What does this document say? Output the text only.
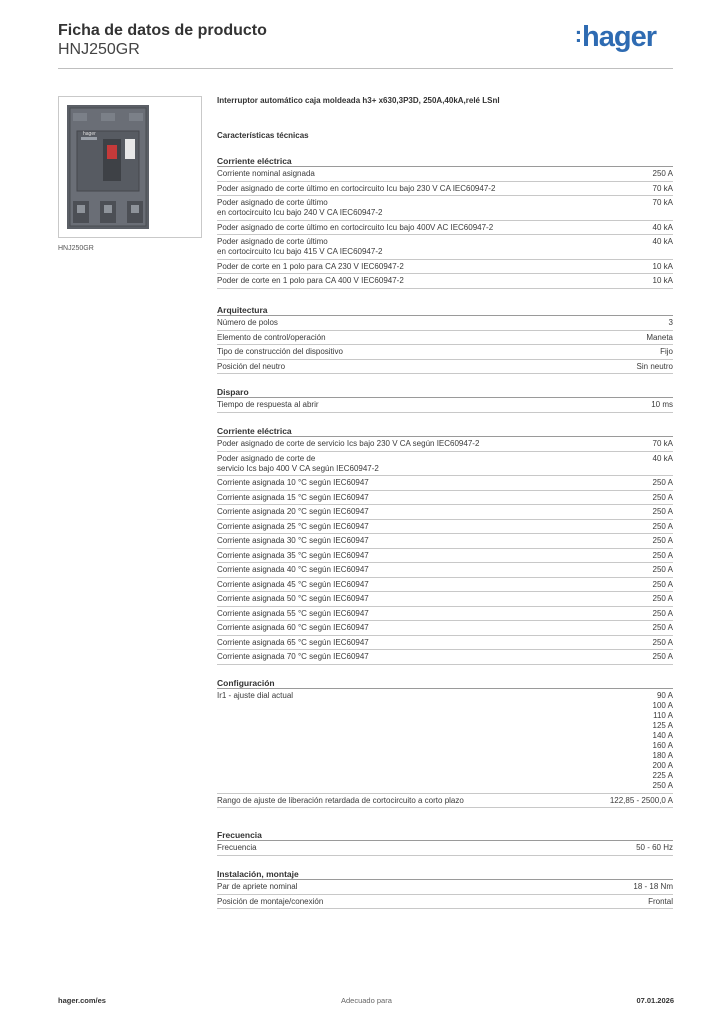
Ficha de datos de producto
HNJ250GR
:hager
hager
HNJ250GR
Interruptor automático caja moldeada h3+ x630,3P3D, 250A,40kA,relé LSnI
Características técnicas
Corriente eléctrica
Corriente nominal asignada	250 A
Poder asignado de corte último en cortocircuito Icu bajo 230 V CA IEC60947-2	70 kA
Poder asignado de corte último
en cortocircuito Icu bajo 240 V CA IEC60947-2
70 kA
Poder asignado de corte último en cortocircuito Icu bajo 400V AC IEC60947-2	40 kA
Poder asignado de corte último
en cortocircuito Icu bajo 415 V CA IEC60947-2
40 kA
Poder de corte en 1 polo para CA 230 V IEC60947-2	10 kA
Poder de corte en 1 polo para CA 400 V IEC60947-2	10 kA
Arquitectura
Número de polos	3
Elemento de control/operación	Maneta
Tipo de construcción del dispositivo	Fijo
Posición del neutro	Sin neutro
Disparo
Tiempo de respuesta al abrir	10 ms
Corriente eléctrica
Poder asignado de corte de servicio Ics bajo 230 V CA según IEC60947-2	70 kA
Poder asignado de corte de
servicio Ics bajo 400 V CA según IEC60947-2
40 kA
Corriente asignada 10 °C según IEC60947	250 A
Corriente asignada 15 °C según IEC60947	250 A
Corriente asignada 20 °C según IEC60947	250 A
Corriente asignada 25 °C según IEC60947	250 A
Corriente asignada 30 °C según IEC60947	250 A
Corriente asignada 35 °C según IEC60947	250 A
Corriente asignada 40 °C según IEC60947	250 A
Corriente asignada 45 °C según IEC60947	250 A
Corriente asignada 50 °C según IEC60947	250 A
Corriente asignada 55 °C según IEC60947	250 A
Corriente asignada 60 °C según IEC60947	250 A
Corriente asignada 65 °C según IEC60947	250 A
Corriente asignada 70 °C según IEC60947	250 A
Configuración
Ir1 - ajuste dial actual	90 A
100 A
110 A
125 A
140 A
160 A
180 A
200 A
225 A
250 A
Rango de ajuste de liberación retardada de cortocircuito a corto plazo	122,85 - 2500,0 A
Frecuencia
Frecuencia	50 - 60 Hz
Instalación, montaje
Par de apriete nominal	18 - 18 Nm
Posición de montaje/conexión	Frontal
hager.com/es	Adecuado para	07.01.2026
